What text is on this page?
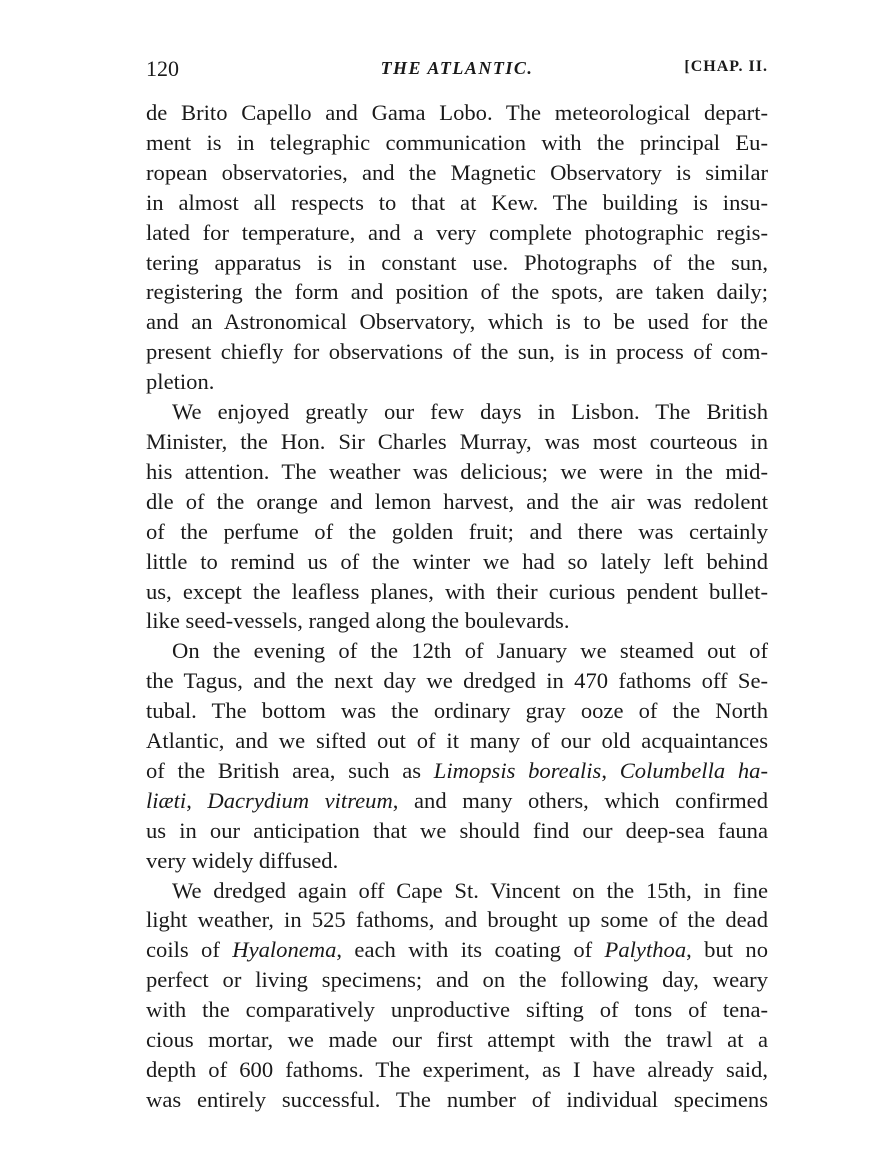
120	THE ATLANTIC.	[CHAP. II.

de Brito Capello and Gama Lobo. The meteorological depart-
ment is in telegraphic communication with the principal Eu-
ropean observatories, and the Magnetic Observatory is similar
in almost all respects to that at Kew. The building is insu-
lated for temperature, and a very complete photographic regis-
tering apparatus is in constant use. Photographs of the sun,
registering the form and position of the spots, are taken daily;
and an Astronomical Observatory, which is to be used for the
present chiefly for observations of the sun, is in process of com-
pletion.

We enjoyed greatly our few days in Lisbon. The British
Minister, the Hon. Sir Charles Murray, was most courteous in
his attention. The weather was delicious; we were in the mid-
dle of the orange and lemon harvest, and the air was redolent
of the perfume of the golden fruit; and there was certainly
little to remind us of the winter we had so lately left behind
us, except the leafless planes, with their curious pendent bullet-
like seed-vessels, ranged along the boulevards.

On the evening of the 12th of January we steamed out of
the Tagus, and the next day we dredged in 470 fathoms off Se-
tubal. The bottom was the ordinary gray ooze of the North
Atlantic, and we sifted out of it many of our old acquaintances
of the British area, such as Limopsis borealis, Columbella ha-
liæti, Dacrydium vitreum, and many others, which confirmed
us in our anticipation that we should find our deep-sea fauna
very widely diffused.

We dredged again off Cape St. Vincent on the 15th, in fine
light weather, in 525 fathoms, and brought up some of the dead
coils of Hyalonema, each with its coating of Palythoa, but no
perfect or living specimens; and on the following day, weary
with the comparatively unproductive sifting of tons of tena-
cious mortar, we made our first attempt with the trawl at a
depth of 600 fathoms. The experiment, as I have already said,
was entirely successful. The number of individual specimens
